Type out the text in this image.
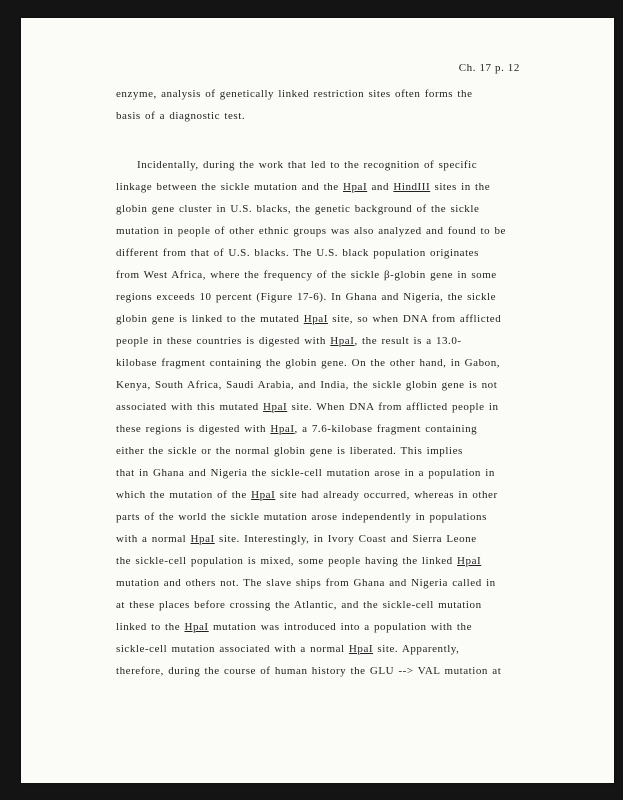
Ch. 17 p. 12
enzyme, analysis of genetically linked restriction sites often forms the
basis of a diagnostic test.
Incidentally, during the work that led to the recognition of specific
linkage between the sickle mutation and the HpaI and HindIII sites in the
globin gene cluster in U.S. blacks, the genetic background of the sickle
mutation in people of other ethnic groups was also analyzed and found to be
different from that of U.S. blacks. The U.S. black population originates
from West Africa, where the frequency of the sickle β-globin gene in some
regions exceeds 10 percent (Figure 17-6). In Ghana and Nigeria, the sickle
globin gene is linked to the mutated HpaI site, so when DNA from afflicted
people in these countries is digested with HpaI, the result is a 13.0-
kilobase fragment containing the globin gene. On the other hand, in Gabon,
Kenya, South Africa, Saudi Arabia, and India, the sickle globin gene is not
associated with this mutated HpaI site. When DNA from afflicted people in
these regions is digested with HpaI, a 7.6-kilobase fragment containing
either the sickle or the normal globin gene is liberated. This implies
that in Ghana and Nigeria the sickle-cell mutation arose in a population in
which the mutation of the HpaI site had already occurred, whereas in other
parts of the world the sickle mutation arose independently in populations
with a normal HpaI site. Interestingly, in Ivory Coast and Sierra Leone
the sickle-cell population is mixed, some people having the linked HpaI
mutation and others not. The slave ships from Ghana and Nigeria called in
at these places before crossing the Atlantic, and the sickle-cell mutation
linked to the HpaI mutation was introduced into a population with the
sickle-cell mutation associated with a normal HpaI site. Apparently,
therefore, during the course of human history the GLU --> VAL mutation at
